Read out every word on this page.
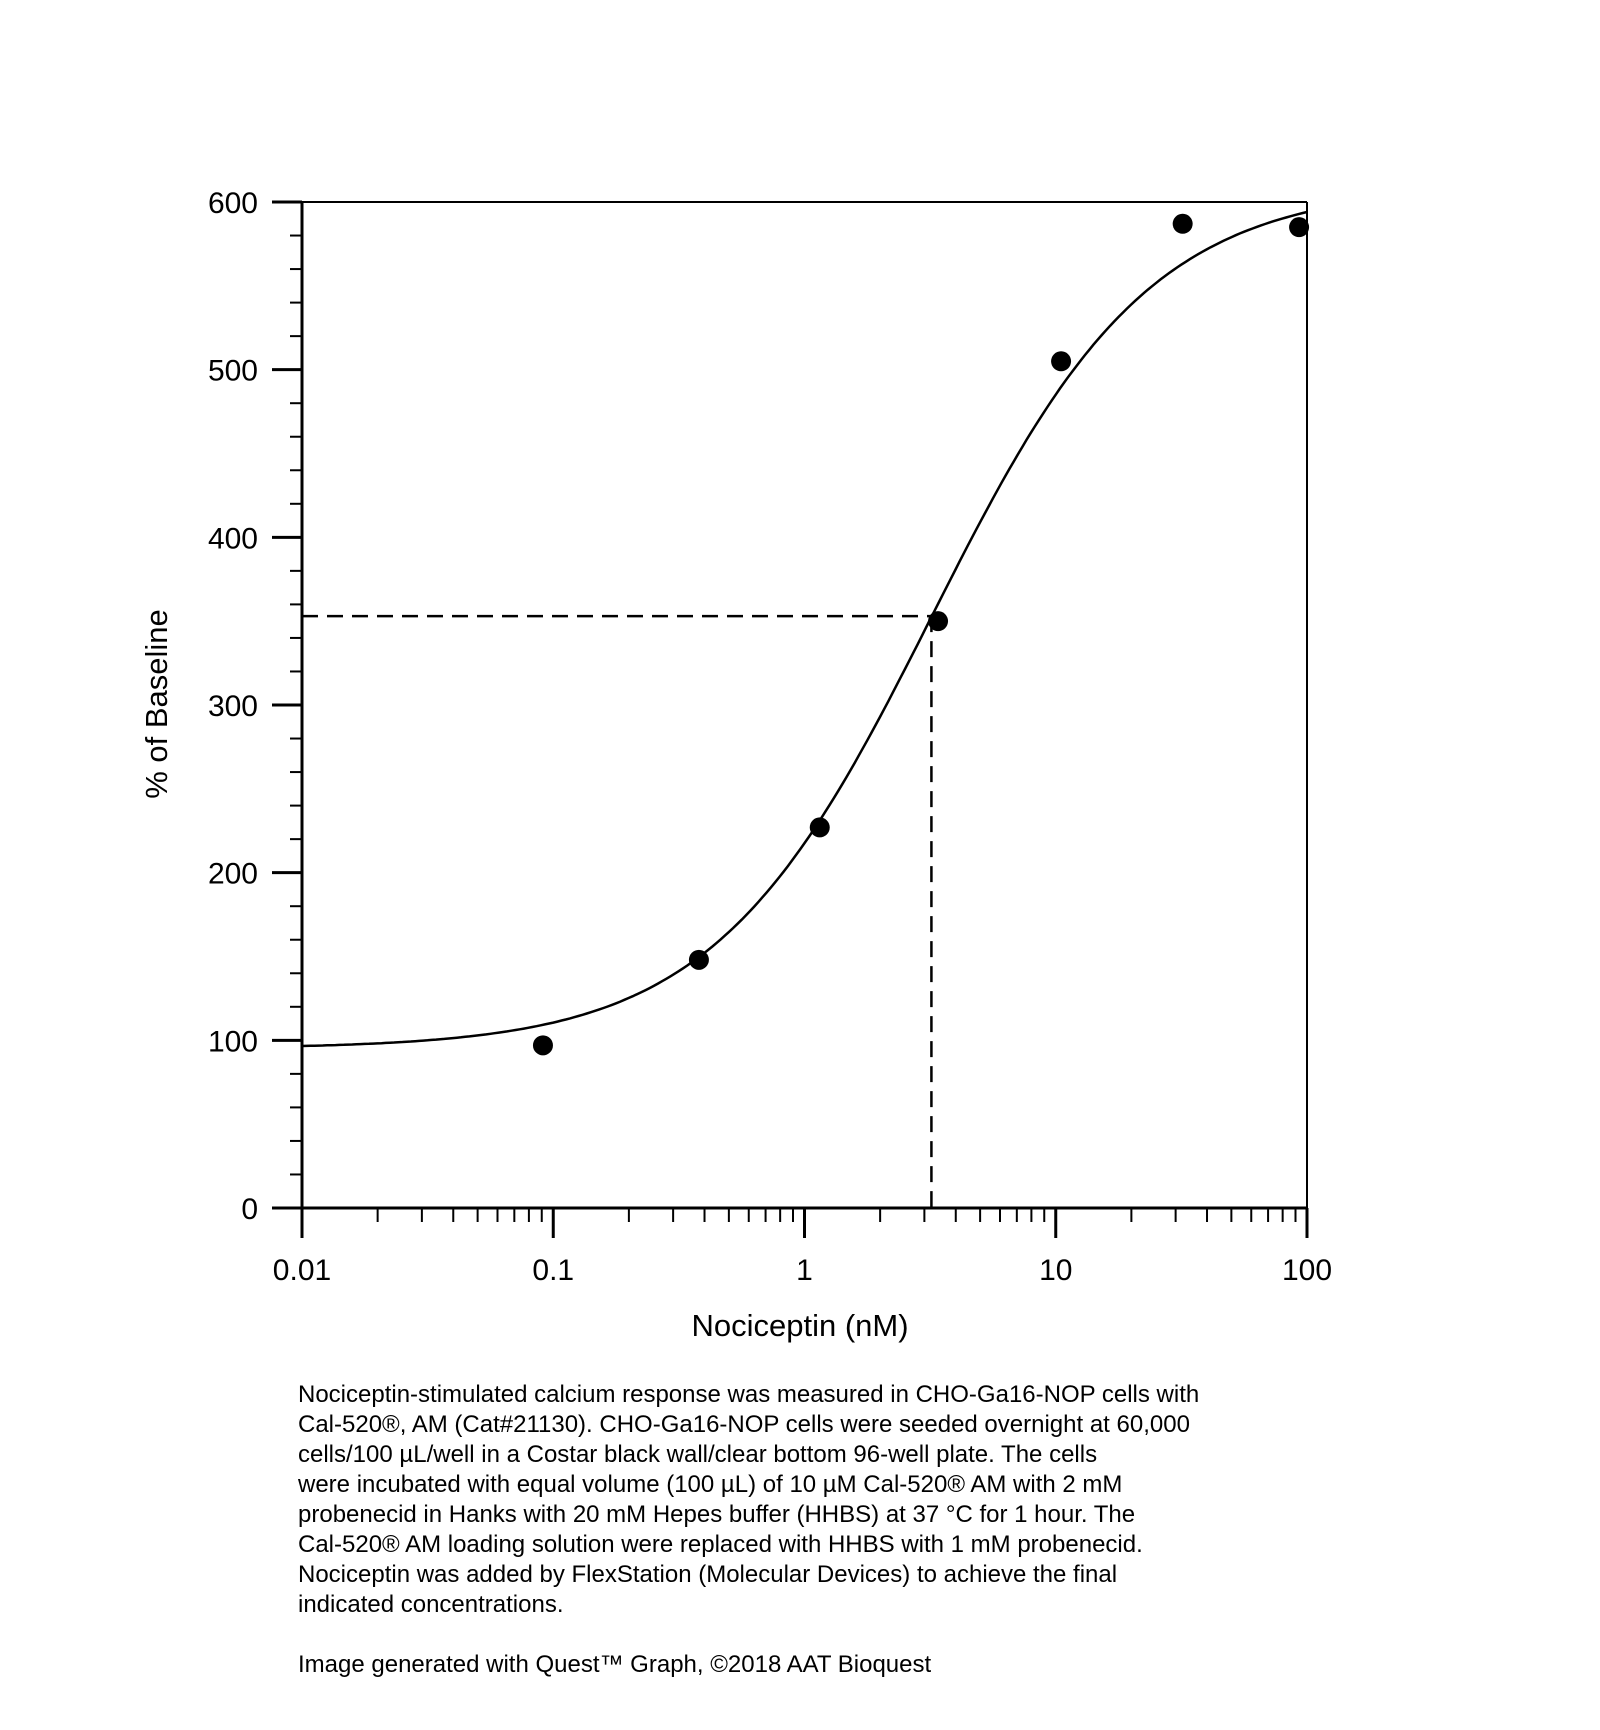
0
100
200
300
400
500
600
0.01	0.1	1	10	100
Nociceptin (nM)
% of Baseline

Nociceptin-stimulated calcium response was measured in CHO-Ga16-NOP cells with

Cal-520®, AM (Cat#21130). CHO-Ga16-NOP cells were seeded overnight at 60,000

cells/100 µL/well in a Costar black wall/clear bottom 96-well plate. The cells

were incubated with equal volume (100 µL) of 10 µM Cal-520® AM with 2 mM

probenecid in Hanks with 20 mM Hepes buffer (HHBS) at 37 °C for 1 hour. The

Cal-520® AM loading solution were replaced with HHBS with 1 mM probenecid.

Nociceptin was added by FlexStation (Molecular Devices) to achieve the final

indicated concentrations.

Image generated with Quest™ Graph, ©2018 AAT Bioquest
